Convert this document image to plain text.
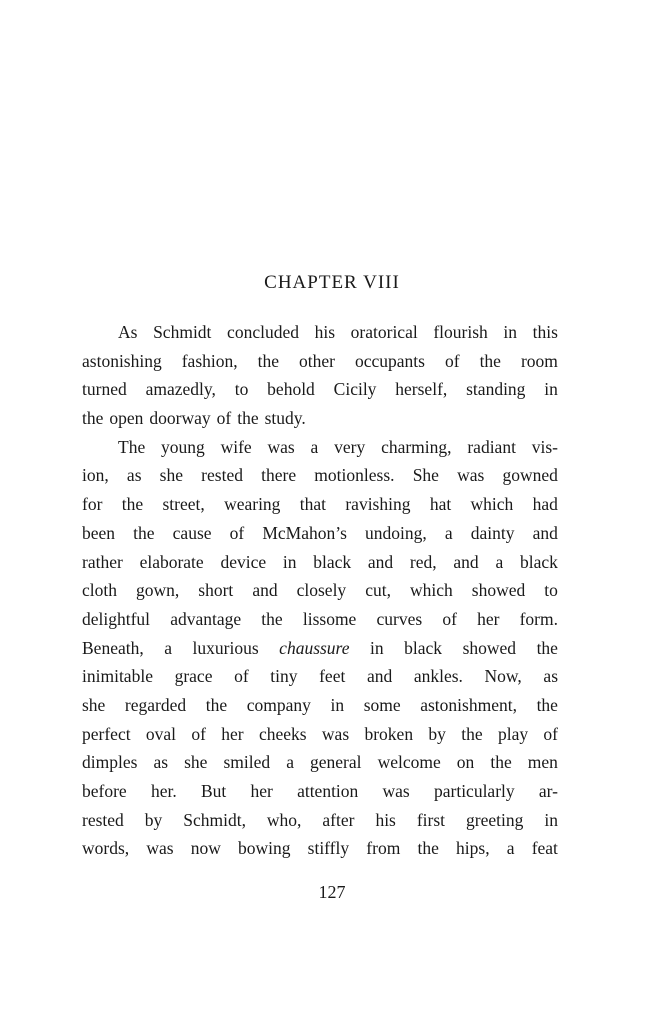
CHAPTER VIII
As Schmidt concluded his oratorical flourish in this
astonishing fashion, the other occupants of the room
turned amazedly, to behold Cicily herself, standing in
the open doorway of the study.
The young wife was a very charming, radiant vis-
ion, as she rested there motionless. She was gowned
for the street, wearing that ravishing hat which had
been the cause of McMahon’s undoing, a dainty and
rather elaborate device in black and red, and a black
cloth gown, short and closely cut, which showed to
delightful advantage the lissome curves of her form.
Beneath, a luxurious chaussure in black showed the
inimitable grace of tiny feet and ankles. Now, as
she regarded the company in some astonishment, the
perfect oval of her cheeks was broken by the play of
dimples as she smiled a general welcome on the men
before her. But her attention was particularly ar-
rested by Schmidt, who, after his first greeting in
words, was now bowing stiffly from the hips, a feat

127
